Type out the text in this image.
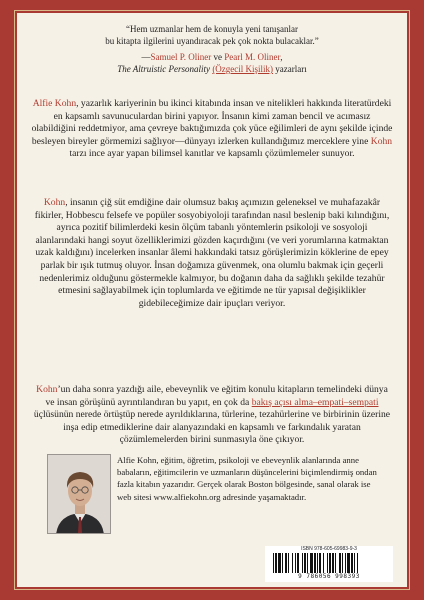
“Hem uzmanlar hem de konuyla yeni tanışanlar
bu kitapta ilgilerini uyandıracak pek çok nokta bulacaklar.”
—Samuel P. Oliner ve Pearl M. Oliner,
The Altruistic Personality (Özgecil Kişilik) yazarları
Alfie Kohn, yazarlık kariyerinin bu ikinci kitabında insan ve nitelikleri hakkında literatürdeki en kapsamlı savunuculardan birini yapıyor. İnsanın kimi zaman bencil ve acımasız olabildiğini reddetmiyor, ama çevreye baktığımızda çok yüce eğilimleri de aynı şekilde içinde besleyen bireyler görmemizi sağlıyor—dünyayı izlerken kullandığımız merceklere yine Kohn tarzı ince ayar yapan bilimsel kanıtlar ve kapsamlı çözümlemeler sunuyor.
Kohn, insanın çiğ süt emdiğine dair olumsuz bakış açımızın geleneksel ve muhafazakâr fikirler, Hobbescu felsefe ve popüler sosyobiyoloji tarafından nasıl beslenip baki kılındığını, ayrıca pozitif bilimlerdeki kesin ölçüm tabanlı yöntemlerin psikoloji ve sosyoloji alanlarındaki hangi soyut özelliklerimizi gözden kaçırdığını (ve veri yorumlarına katmaktan uzak kaldığını) incelerken insanlar âlemi hakkındaki tatsız görüşlerimizin köklerine de epey parlak bir ışık tutmuş oluyor. İnsan doğamıza güvenmek, ona olumlu bakmak için geçerli nedenlerimiz olduğunu göstermekle kalmıyor, bu doğanın daha da sağlıklı şekilde tezahür etmesini sağlayabilmek için toplumlarda ve eğitimde ne tür yapısal değişiklikler gidebileceğimize dair ipuçları veriyor.
Kohn’un daha sonra yazdığı aile, ebeveynlik ve eğitim konulu kitapların temelindeki dünya ve insan görüşünü ayrıntılandıran bu yapıt, en çok da bakış açısı alma–empati–sempati üçlüsünün nerede örtüştüp nerede ayrıldıklarına, türlerine, tezahürlerine ve birbirinin üzerine inşa edip etmediklerine dair alanyazındaki en kapsamlı ve farkındalık yaratan çözümlemelerden birini sunmasıyla öne çıkıyor.
Alfie Kohn, eğitim, öğretim, psikoloji ve ebeveynlik alanlarında anne babaların, eğitimcilerin ve uzmanların düşüncelerini biçimlendirmiş ondan fazla kitabın yazarıdır. Gerçek olarak Boston bölgesinde, sanal olarak ise web sitesi www.alfiekohn.org adresinde yaşamaktadır.
ISBN 978-605-69983-9-3
9 786056 998393
